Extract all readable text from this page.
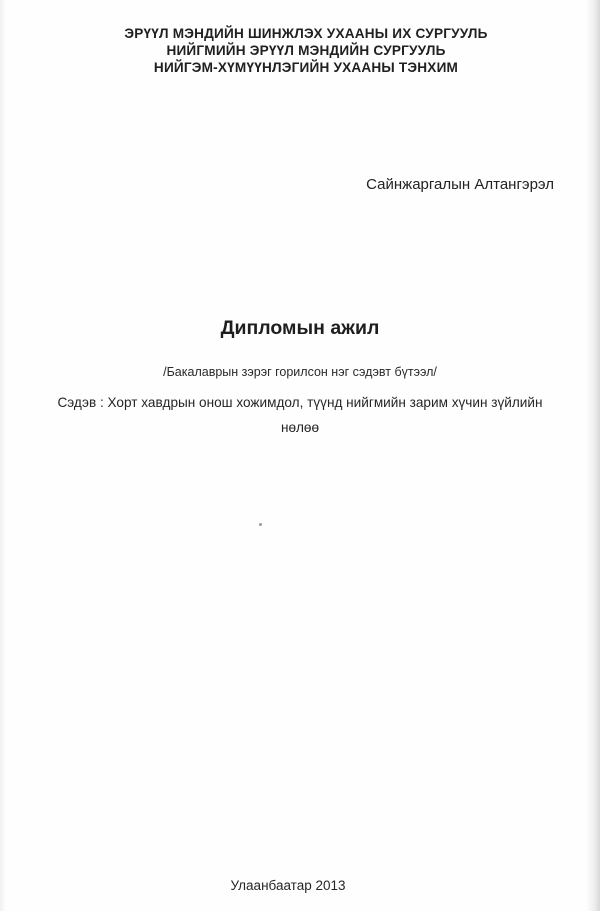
ЭРҮҮЛ МЭНДИЙН ШИНЖЛЭХ УХААНЫ ИХ СУРГУУЛЬ
НИЙГМИЙН ЭРҮҮЛ МЭНДИЙН СУРГУУЛЬ
НИЙГЭМ-ХҮМҮҮНЛЭГИЙН УХААНЫ ТЭНХИМ
Сайнжаргалын Алтангэрэл
Дипломын ажил
/Бакалаврын зэрэг горилсон нэг сэдэвт бүтээл/
Сэдэв : Хорт хавдрын онош хожимдол, түүнд нийгмийн зарим хүчин зүйлийн
нөлөө
Улаанбаатар 2013
